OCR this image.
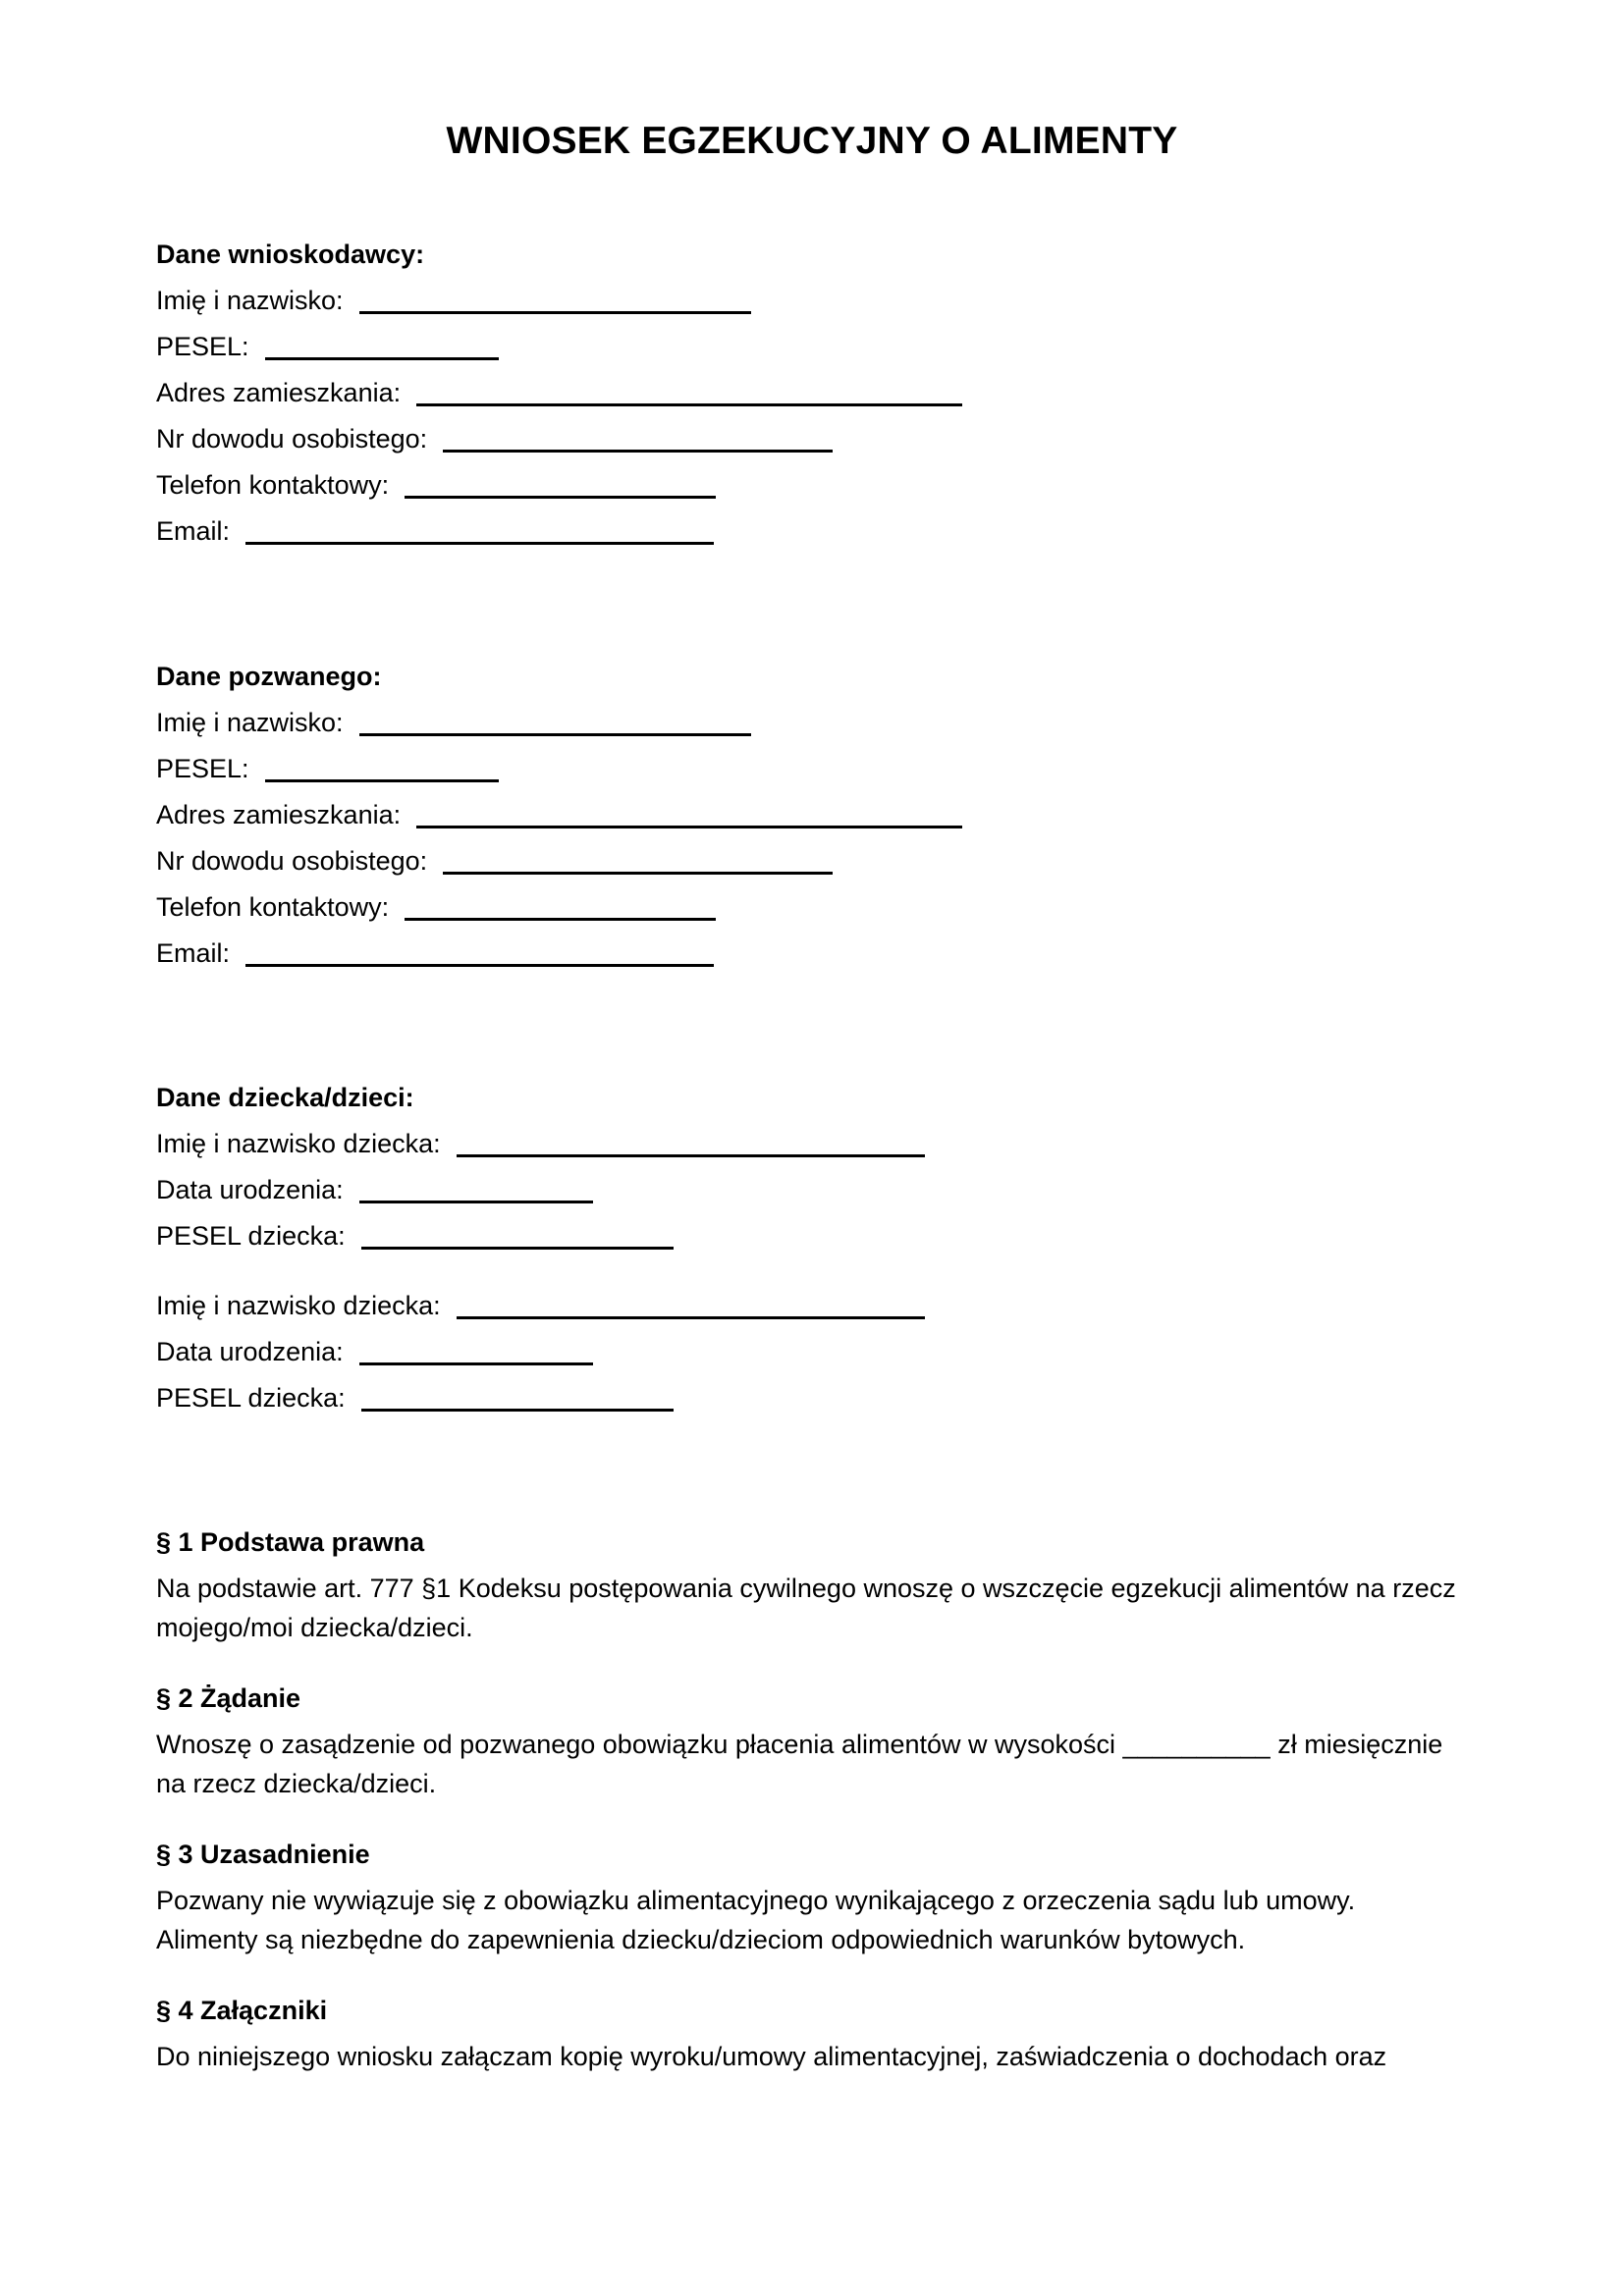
WNIOSEK EGZEKUCYJNY O ALIMENTY
Dane wnioskodawcy:
Imię i nazwisko:
PESEL:
Adres zamieszkania:
Nr dowodu osobistego:
Telefon kontaktowy:
Email:
Dane pozwanego:
Imię i nazwisko:
PESEL:
Adres zamieszkania:
Nr dowodu osobistego:
Telefon kontaktowy:
Email:
Dane dziecka/dzieci:
Imię i nazwisko dziecka:
Data urodzenia:
PESEL dziecka:
Imię i nazwisko dziecka:
Data urodzenia:
PESEL dziecka:
§ 1 Podstawa prawna
Na podstawie art. 777 §1 Kodeksu postępowania cywilnego wnoszę o wszczęcie egzekucji alimentów na rzecz mojego/moi dziecka/dzieci.
§ 2 Żądanie
Wnoszę o zasądzenie od pozwanego obowiązku płacenia alimentów w wysokości __________ zł miesięcznie na rzecz dziecka/dzieci.
§ 3 Uzasadnienie
Pozwany nie wywiązuje się z obowiązku alimentacyjnego wynikającego z orzeczenia sądu lub umowy. Alimenty są niezbędne do zapewnienia dziecku/dzieciom odpowiednich warunków bytowych.
§ 4 Załączniki
Do niniejszego wniosku załączam kopię wyroku/umowy alimentacyjnej, zaświadczenia o dochodach oraz
